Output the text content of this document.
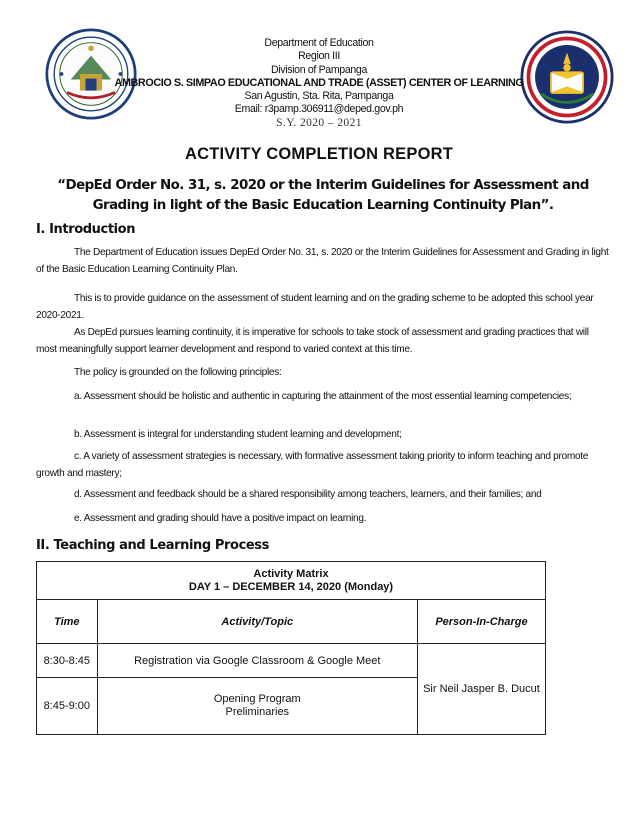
Department of Education
Region III
Division of Pampanga
AMBROCIO S. SIMPAO EDUCATIONAL AND TRADE (ASSET) CENTER OF LEARNING
San Agustin, Sta. Rita, Pampanga
Email: r3pamp.306911@deped.gov.ph
S.Y. 2020 – 2021
ACTIVITY COMPLETION REPORT
“DepEd Order No. 31, s. 2020 or the Interim Guidelines for Assessment and Grading in light of the Basic Education Learning Continuity Plan”.
I. Introduction
The Department of Education issues DepEd Order No. 31, s. 2020 or the Interim Guidelines for Assessment and Grading in light of the Basic Education Learning Continuity Plan.
This is to provide guidance on the assessment of student learning and on the grading scheme to be adopted this school year 2020-2021.
As DepEd pursues learning continuity, it is imperative for schools to take stock of assessment and grading practices that will most meaningfully support learner development and respond to varied context at this time.
The policy is grounded on the following principles:
a. Assessment should be holistic and authentic in capturing the attainment of the most essential learning competencies;
b. Assessment is integral for understanding student learning and development;
c. A variety of assessment strategies is necessary, with formative assessment taking priority to inform teaching and promote growth and mastery;
d. Assessment and feedback should be a shared responsibility among teachers, learners, and their families; and
e. Assessment and grading should have a positive impact on learning.
II. Teaching and Learning Process
Activity Matrix
DAY 1 – DECEMBER 14, 2020 (Monday)		

Time	Activity/Topic	Person-In-Charge
8:30-8:45	Registration via Google Classroom & Google Meet	Sir Neil Jasper B. Ducut
8:45-9:00	Opening Program
Preliminaries	
